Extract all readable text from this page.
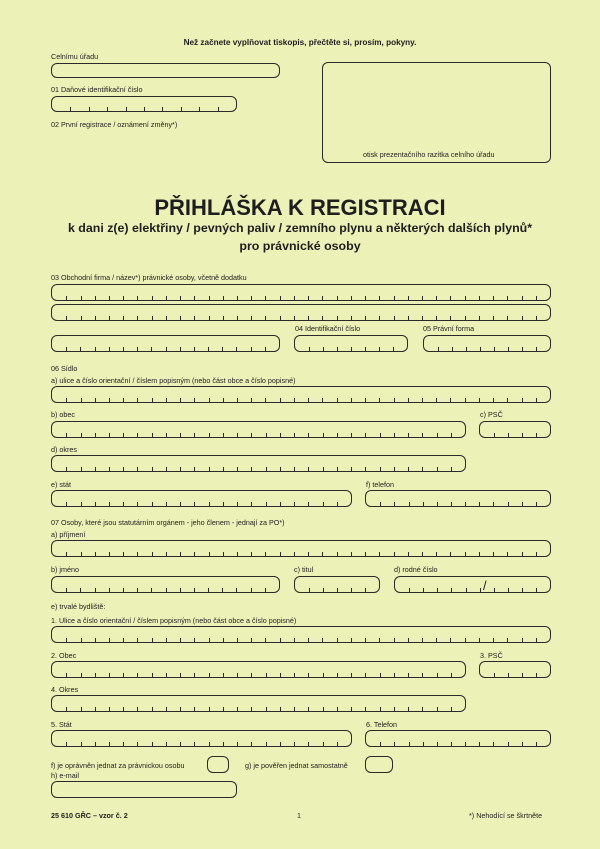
Než začnete vyplňovat tiskopis, přečtěte si, prosím, pokyny.
Celnímu úřadu
01 Daňové identifikační číslo
02 První registrace / oznámení změny*)
otisk prezentačního razítka celního úřadu
PŘIHLÁŠKA K REGISTRACI
k dani z(e) elektřiny / pevných paliv / zemního plynu a některých dalších plynů*
pro právnické osoby
03 Obchodní firma / název*) právnické osoby, včetně dodatku
04 Identifikační číslo	05 Právní forma
06 Sídlo
a) ulice a číslo orientační / číslem popisným (nebo část obce a číslo popisné)
b) obec	c) PSČ
d) okres
e) stát	f) telefon
07 Osoby, které jsou statutárním orgánem - jeho členem - jednají za PO*)
a) příjmení
b) jméno	c) titul	d) rodné číslo
/
e) trvalé bydliště:
1. Ulice a číslo orientační / číslem popisným (nebo část obce a číslo popisné)
2. Obec	3. PSČ
4. Okres
5. Stát	6. Telefon
f) je oprávněn jednat za právnickou osobu	g) je pověřen jednat samostatně
h) e-mail
25 610 GŘC – vzor č. 2	1	*) Nehodící se škrtněte
